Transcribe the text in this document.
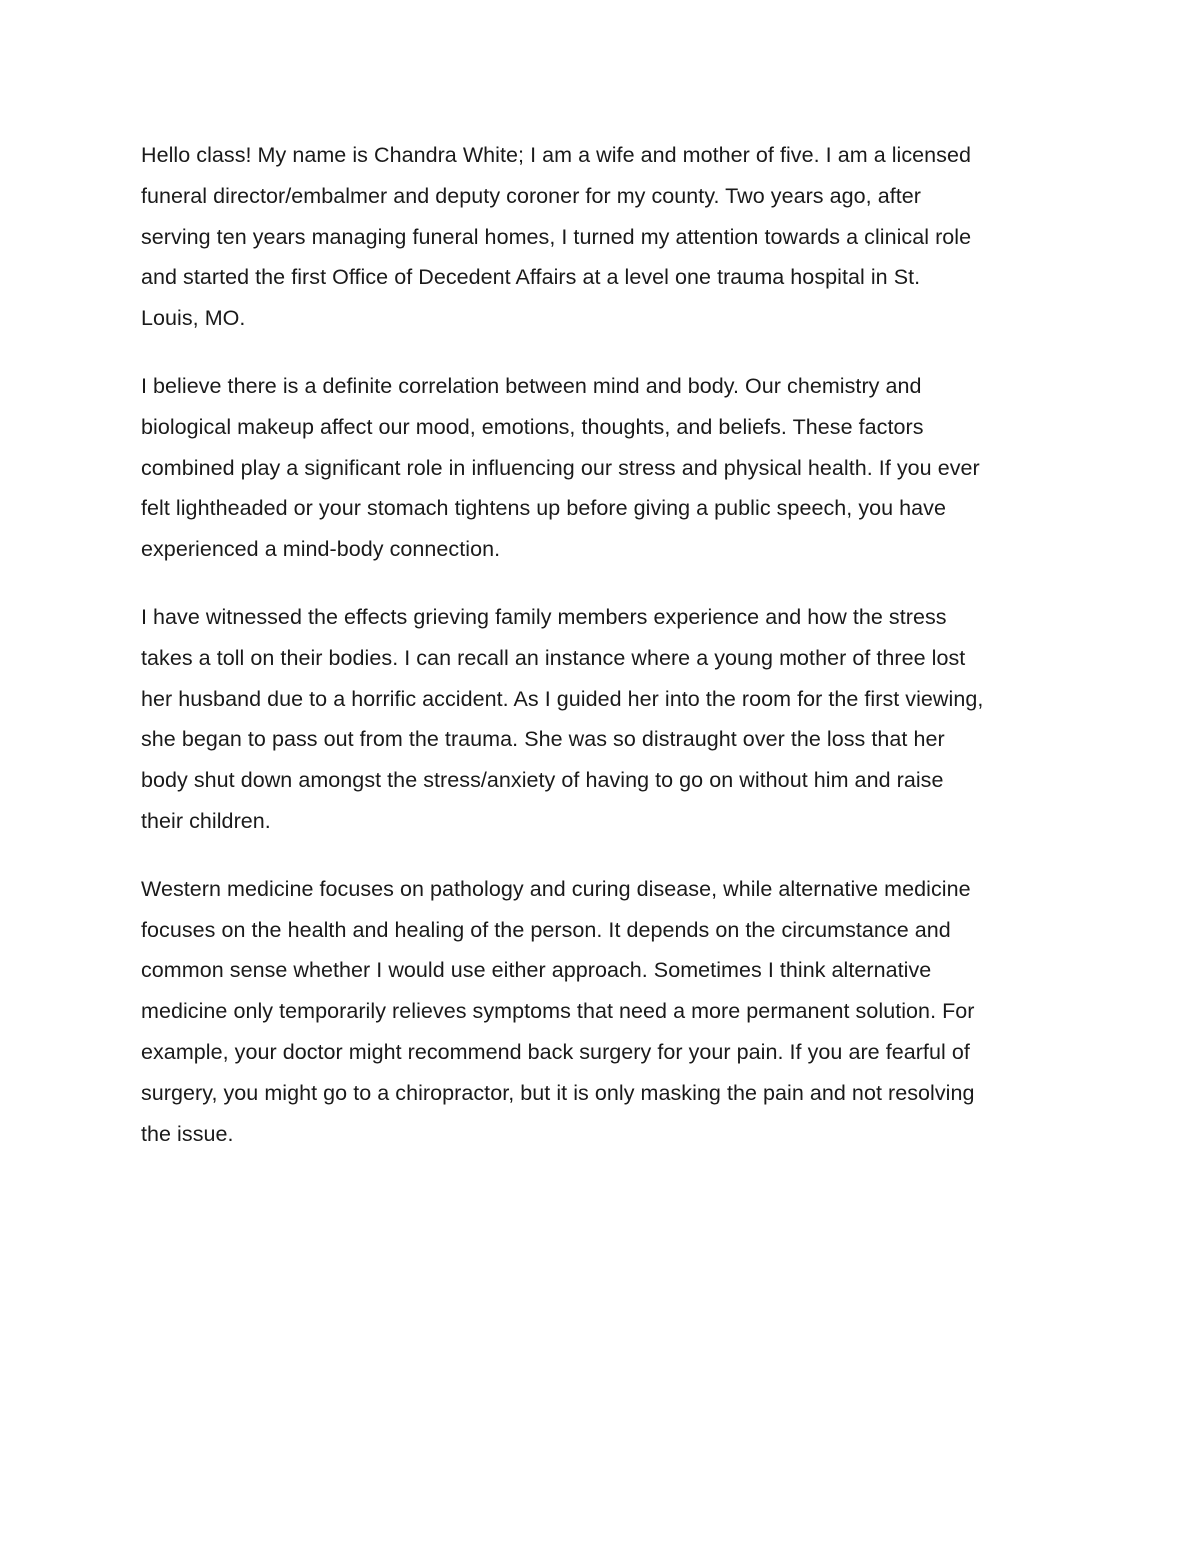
Hello class! My name is Chandra White; I am a wife and mother of five. I am a licensed
funeral director/embalmer and deputy coroner for my county. Two years ago, after
serving ten years managing funeral homes, I turned my attention towards a clinical role
and started the first Office of Decedent Affairs at a level one trauma hospital in St.
Louis, MO.

I believe there is a definite correlation between mind and body. Our chemistry and
biological makeup affect our mood, emotions, thoughts, and beliefs. These factors
combined play a significant role in influencing our stress and physical health. If you ever
felt lightheaded or your stomach tightens up before giving a public speech, you have
experienced a mind-body connection.

I have witnessed the effects grieving family members experience and how the stress
takes a toll on their bodies. I can recall an instance where a young mother of three lost
her husband due to a horrific accident. As I guided her into the room for the first viewing,
she began to pass out from the trauma. She was so distraught over the loss that her
body shut down amongst the stress/anxiety of having to go on without him and raise
their children.

Western medicine focuses on pathology and curing disease, while alternative medicine
focuses on the health and healing of the person. It depends on the circumstance and
common sense whether I would use either approach. Sometimes I think alternative
medicine only temporarily relieves symptoms that need a more permanent solution. For
example, your doctor might recommend back surgery for your pain. If you are fearful of
surgery, you might go to a chiropractor, but it is only masking the pain and not resolving
the issue.
